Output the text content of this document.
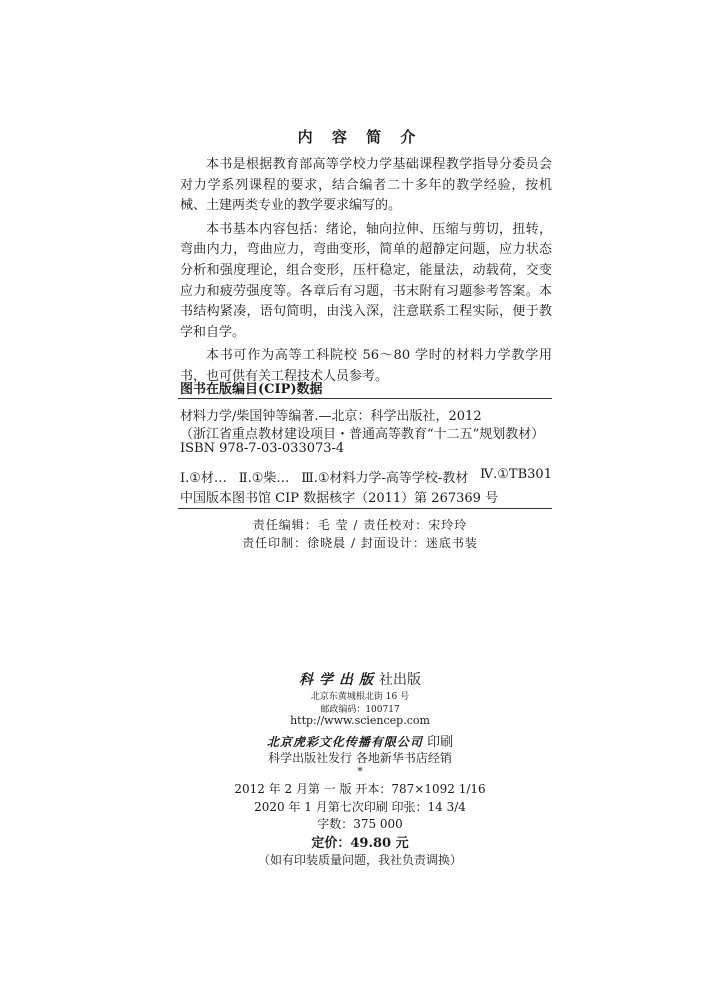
内 容 简 介

本书是根据教育部高等学校力学基础课程教学指导分委员会对力学系列课程的要求，结合编者二十多年的教学经验，按机械、土建两类专业的教学要求编写的。

本书基本内容包括：绪论，轴向拉伸、压缩与剪切，扭转，弯曲内力，弯曲应力，弯曲变形，简单的超静定问题，应力状态分析和强度理论，组合变形，压杆稳定，能量法，动载荷，交变应力和疲劳强度等。各章后有习题，书末附有习题参考答案。本书结构紧凑，语句简明，由浅入深，注意联系工程实际，便于教学和自学。

本书可作为高等工科院校 56～80 学时的材料力学教学用书，也可供有关工程技术人员参考。

图书在版编目(CIP)数据
材料力学/柴国钟等编著.—北京：科学出版社，2012
（浙江省重点教材建设项目・普通高等教育“十二五”规划教材）
ISBN 978-7-03-033073-4
Ⅰ.①材… Ⅱ.①柴… Ⅲ.①材料力学-高等学校-教材 Ⅳ.①TB301
中国版本图书馆 CIP 数据核字（2011）第 267369 号
责任编辑：毛 莹 / 责任校对：宋玲玲
责任印制：徐晓晨 / 封面设计：迷底书装
科学出版社出版
北京东黄城根北街 16 号
邮政编码：100717
http://www.sciencep.com
北京虎彩文化传播有限公司 印刷
科学出版社发行 各地新华书店经销
*
2012 年 2 月第 一 版 开本：787×1092 1/16
2020 年 1 月第七次印刷 印张：14 3/4
字数：375 000
定价：49.80 元
（如有印装质量问题，我社负责调换）
